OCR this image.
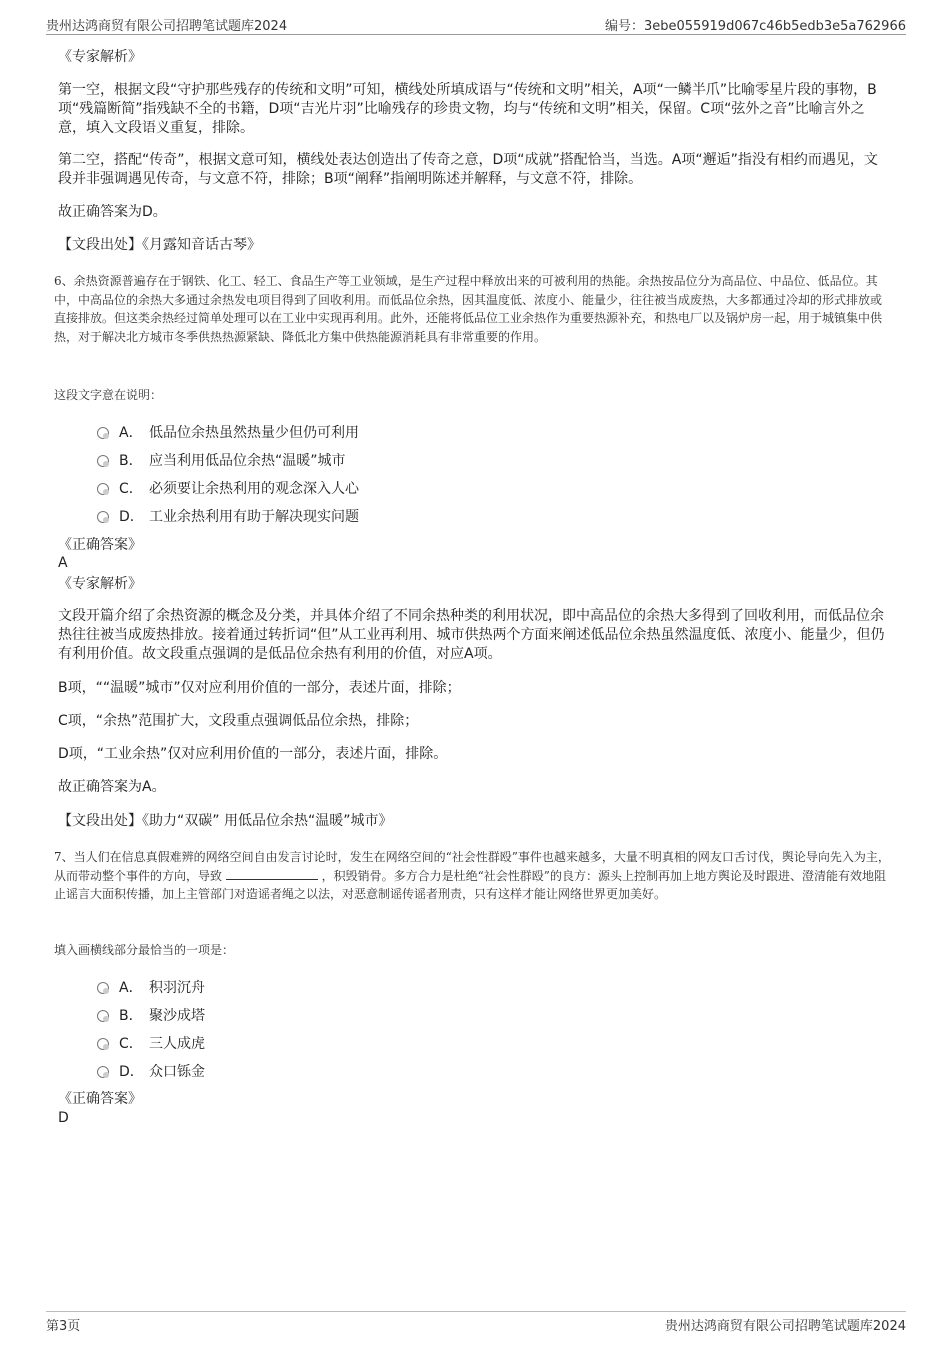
贵州达鸿商贸有限公司招聘笔试题库2024	编号：3ebe055919d067c46b5edb3e5a762966
《专家解析》

第一空，根据文段“守护那些残存的传统和文明”可知，横线处所填成语与“传统和文明”相关，A项“一鳞半爪”比喻零星片段的事物，B项“残篇断简”指残缺不全的书籍，D项“吉光片羽”比喻残存的珍贵文物，均与“传统和文明”相关，保留。C项“弦外之音”比喻言外之意，填入文段语义重复，排除。

第二空，搭配“传奇”，根据文意可知，横线处表达创造出了传奇之意，D项“成就”搭配恰当，当选。A项“邂逅”指没有相约而遇见，文段并非强调遇见传奇，与文意不符，排除；B项“阐释”指阐明陈述并解释，与文意不符，排除。

故正确答案为D。
【文段出处】《月露知音话古琴》

6、余热资源普遍存在于钢铁、化工、轻工、食品生产等工业领域，是生产过程中释放出来的可被利用的热能。余热按品位分为高品位、中品位、低品位。其中，中高品位的余热大多通过余热发电项目得到了回收利用。而低品位余热，因其温度低、浓度小、能量少，往往被当成废热，大多都通过冷却的形式排放或直接排放。但这类余热经过简单处理可以在工业中实现再利用。此外，还能将低品位工业余热作为重要热源补充，和热电厂以及锅炉房一起，用于城镇集中供热，对于解决北方城市冬季供热热源紧缺、降低北方集中供热能源消耗具有非常重要的作用。

这段文字意在说明：
A． 低品位余热虽然热量少但仍可利用
B． 应当利用低品位余热“温暖”城市
C． 必须要让余热利用的观念深入人心
D． 工业余热利用有助于解决现实问题
《正确答案》
A
《专家解析》

文段开篇介绍了余热资源的概念及分类，并具体介绍了不同余热种类的利用状况，即中高品位的余热大多得到了回收利用，而低品位余热往往被当成废热排放。接着通过转折词“但”从工业再利用、城市供热两个方面来阐述低品位余热虽然温度低、浓度小、能量少，但仍有利用价值。故文段重点强调的是低品位余热有利用的价值，对应A项。

B项，““温暖”城市”仅对应利用价值的一部分，表述片面，排除；
C项，“余热”范围扩大，文段重点强调低品位余热，排除；
D项，“工业余热”仅对应利用价值的一部分，表述片面，排除。
故正确答案为A。
【文段出处】《助力“双碳” 用低品位余热“温暖”城市》

7、当人们在信息真假难辨的网络空间自由发言讨论时，发生在网络空间的“社会性群殴”事件也越来越多，大量不明真相的网友口舌讨伐，舆论导向先入为主，从而带动整个事件的方向，导致	，积毁销骨。多方合力是杜绝“社会性群殴”的良方：源头上控制再加上地方舆论及时跟进、澄清能有效地阻止谣言大面积传播，加上主管部门对造谣者绳之以法，对恶意制谣传谣者刑责，只有这样才能让网络世界更加美好。

填入画横线部分最恰当的一项是：
A． 积羽沉舟
B． 聚沙成塔
C． 三人成虎
D． 众口铄金
《正确答案》
D
第3页	贵州达鸿商贸有限公司招聘笔试题库2024
